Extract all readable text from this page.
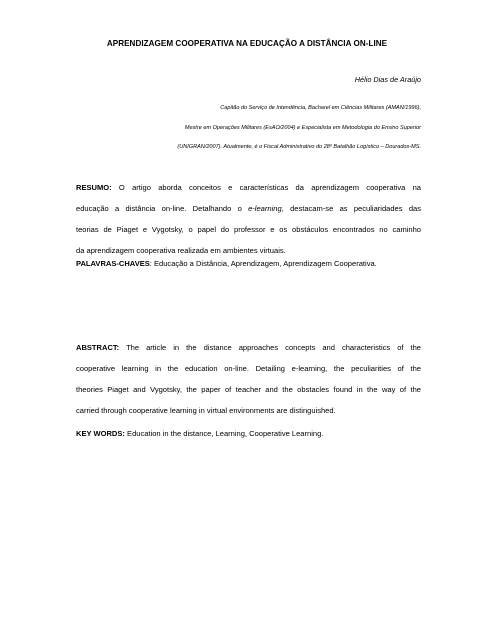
APRENDIZAGEM COOPERATIVA NA EDUCAÇÃO A DISTÂNCIA ON-LINE
Hélio Dias de Araújo
Capitão do Serviço de Intendência, Bacharel em Ciências Militares (AMAN/1996),
Mestre em Operações Militares (EsAO/2004) e Especialista em Metodologia do Ensino Superior
(UNIGRAN/2007). Atualmente, é o Fiscal Administrativo do 28º Batalhão Logístico – Dourados-MS.
RESUMO: O artigo aborda conceitos e características da aprendizagem cooperativa na
educação a distância on-line. Detalhando o e-learning, destacam-se as peculiaridades das
teorias de Piaget e Vygotsky, o papel do professor e os obstáculos encontrados no caminho
da aprendizagem cooperativa realizada em ambientes virtuais.
PALAVRAS-CHAVES: Educação a Distância, Aprendizagem, Aprendizagem Cooperativa.
ABSTRACT: The article in the distance approaches concepts and characteristics of the
cooperative learning in the education on-line. Detailing e-learning, the peculiarities of the
theories Piaget and Vygotsky, the paper of teacher and the obstacles found in the way of the
carried through cooperative learning in virtual environments are distinguished.
KEY WORDS: Education in the distance, Learning, Cooperative Learning.
